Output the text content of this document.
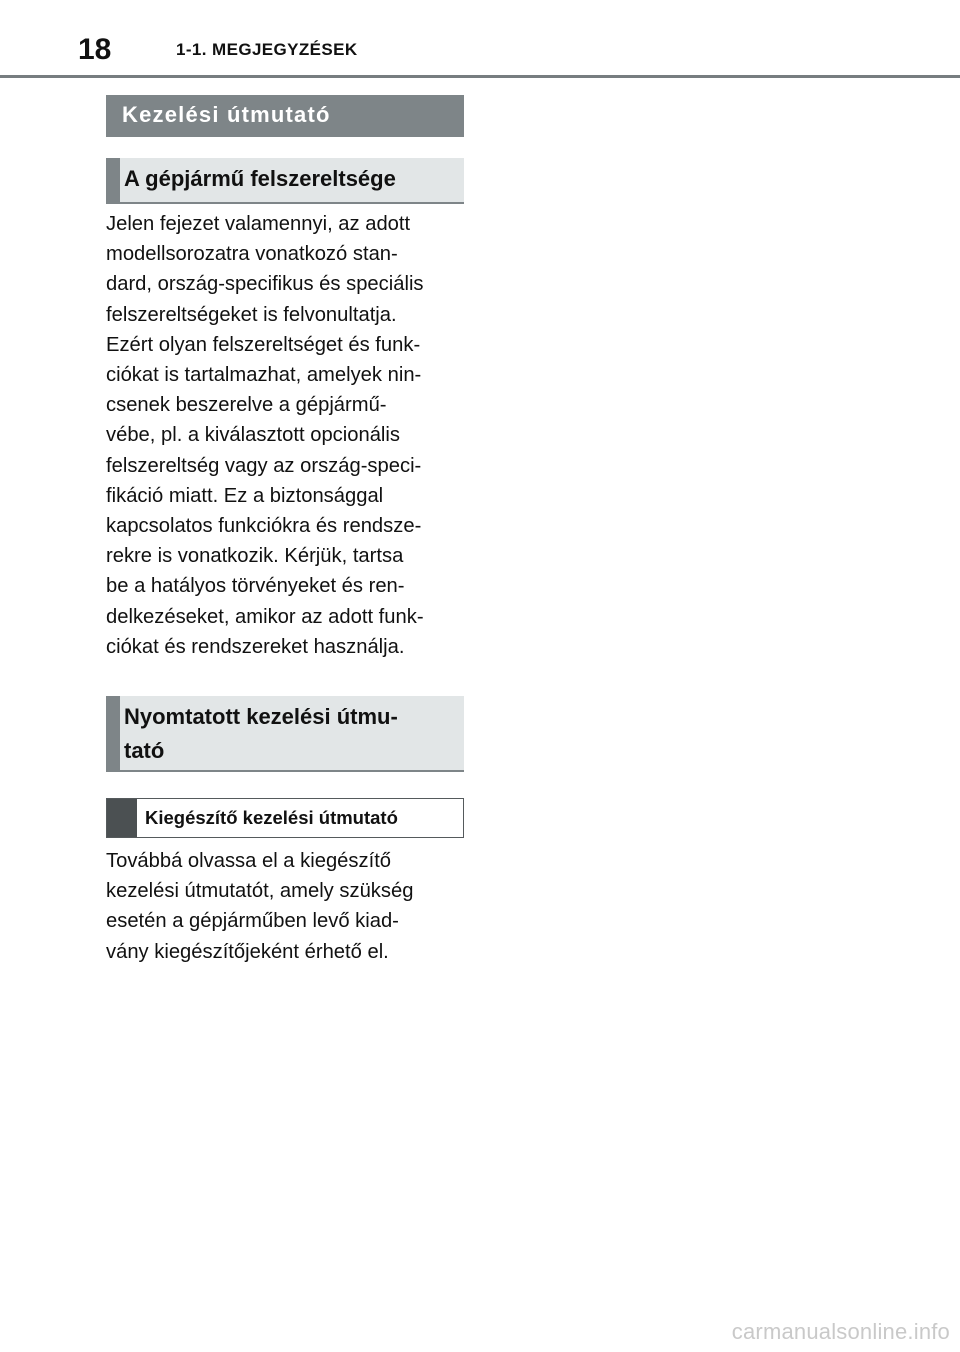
18	1-1. MEGJEGYZÉSEK
Kezelési útmutató
A gépjármű felszereltsége

Jelen fejezet valamennyi, az adott
modellsorozatra vonatkozó stan-
dard, ország-specifikus és speciális
felszereltségeket is felvonultatja.
Ezért olyan felszereltséget és funk-
ciókat is tartalmazhat, amelyek nin-
csenek beszerelve a gépjármű-
vébe, pl. a kiválasztott opcionális
felszereltség vagy az ország-speci-
fikáció miatt. Ez a biztonsággal
kapcsolatos funkciókra és rendsze-
rekre is vonatkozik. Kérjük, tartsa
be a hatályos törvényeket és ren-
delkezéseket, amikor az adott funk-
ciókat és rendszereket használja.

Nyomtatott kezelési útmu-
tató
Kiegészítő kezelési útmutató

Továbbá olvassa el a kiegészítő
kezelési útmutatót, amely szükség
esetén a gépjárműben levő kiad-
vány kiegészítőjeként érhető el.

carmanualsonline.info
